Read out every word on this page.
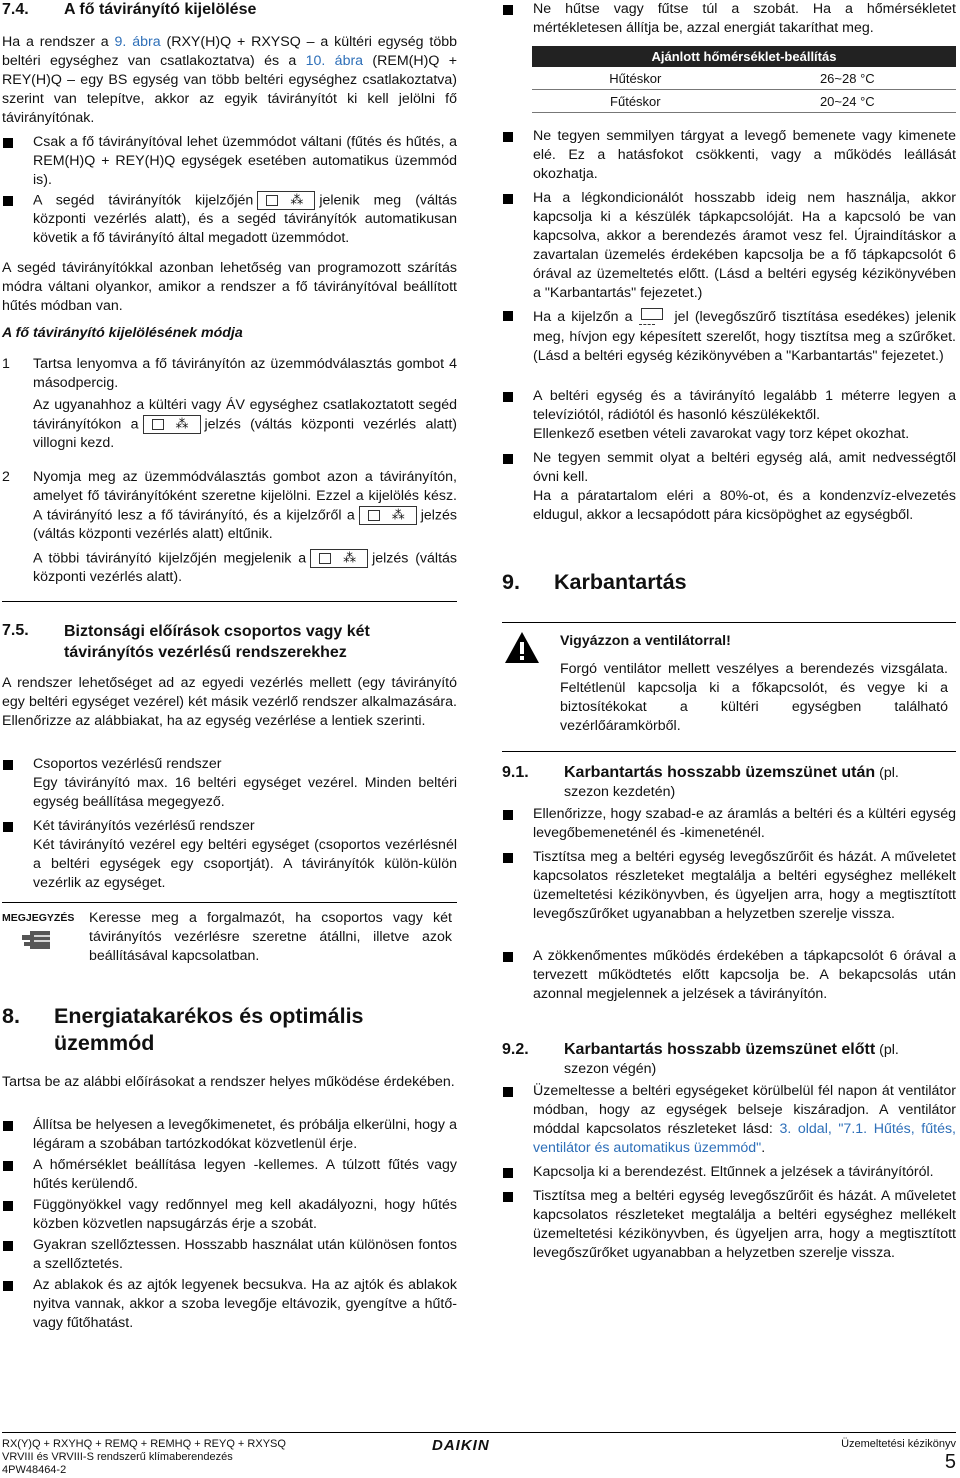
7.4. A fő távirányító kijelölése

Ha a rendszer a 9. ábra (RXY(H)Q + RXYSQ – a kültéri egység több beltéri egységhez van csatlakoztatva) és a 10. ábra (REM(H)Q + REY(H)Q – egy BS egység van több beltéri egységhez csatlakoztatva) szerint van telepítve, akkor az egyik távirányítót ki kell jelölni fő távirányítónak.

Csak a fő távirányítóval lehet üzemmódot váltani (fűtés és hűtés, a REM(H)Q + REY(H)Q egységek esetében automatikus üzemmód is).
A segéd távirányítók kijelzőjén ⁂	jelenik meg (váltás központi vezérlés alatt), és a segéd távirányítók automatikusan követik a fő távirányító által megadott üzemmódot.

A segéd távirányítókkal azonban lehetőség van programozott szárítás módra váltani olyankor, amikor a rendszer a fő távirányítóval beállított hűtés módban van.

A fő távirányító kijelölésének módja
1 Tartsa lenyomva a fő távirányítón az üzemmódválasztás gombot 4 másodpercig.

Az ugyanahhoz a kültéri vagy ÁV egységhez csatlakoztatott segéd távirányítókon a ⁂	jelzés (váltás központi vezérlés alatt) villogni kezd.

2 Nyomja meg az üzemmódválasztás gombot azon a távirányítón, amelyet fő távirányítóként szeretne kijelölni. Ezzel a kijelölés kész. A távirányító lesz a fő távirányító, és a kijelzőről a ⁂	jelzés (váltás központi vezérlés alatt) eltűnik.

A többi távirányító kijelzőjén megjelenik a ⁂	jelzés (váltás központi vezérlés alatt).

7.5. Biztonsági előírások csoportos vagy két távirányítós vezérlésű rendszerekhez

A rendszer lehetőséget ad az egyedi vezérlés mellett (egy távirányító egy beltéri egységet vezérel) két másik vezérlő rendszer alkalmazására. Ellenőrizze az alábbiakat, ha az egység vezérlése a lentiek szerinti.

Csoportos vezérlésű rendszer
Egy távirányító max. 16 beltéri egységet vezérel. Minden beltéri egység beállítása megegyező.
Két távirányítós vezérlésű rendszer
Két távirányító vezérel egy beltéri egységet (csoportos vezérlésnél a beltéri egységek egy csoportját). A távirányítók külön-külön vezérlik az egységet.
MEGJEGYZÉS Keresse meg a forgalmazót, ha csoportos vagy két távirányítós vezérlésre szeretne átállni, illetve azok beállításával kapcsolatban.

8. Energiatakarékos és optimális
üzemmód

Tartsa be az alábbi előírásokat a rendszer helyes működése érdekében.

Állítsa be helyesen a levegőkimenetet, és próbálja elkerülni, hogy a légáram a szobában tartózkodókat közvetlenül érje.
A hőmérséklet beállítása legyen -kellemes. A túlzott fűtés vagy hűtés kerülendő.
Függönyökkel vagy redőnnyel meg kell akadályozni, hogy hűtés közben közvetlen napsugárzás érje a szobát.
Gyakran szellőztessen. Hosszabb használat után különösen fontos a szellőztetés.
Az ablakok és az ajtók legyenek becsukva. Ha az ajtók és ablakok nyitva vannak, akkor a szoba levegője eltávozik, gyengítve a hűtő- vagy fűtőhatást.
Ne hűtse vagy fűtse túl a szobát. Ha a hőmérsékletet mértékletesen állítja be, azzal energiát takaríthat meg.
Ajánlott hőmérséklet-beállítás	
Hűtéskor	26~28 °C
Fűtéskor	20~24 °C
Ne tegyen semmilyen tárgyat a levegő bemenete vagy kimenete elé. Ez a hatásfokot csökkenti, vagy a működés leállását okozhatja.
Ha a légkondicionálót hosszabb ideig nem használja, akkor kapcsolja ki a készülék tápkapcsolóját. Ha a kapcsoló be van kapcsolva, akkor a berendezés áramot vesz fel. Újraindításkor a zavartalan üzemelés érdekében kapcsolja be a fő tápkapcsolót 6 órával az üzemeltetés előtt. (Lásd a beltéri egység kézikönyvében a "Karbantartás" fejezetet.)
Ha a kijelzőn a	jel (levegőszűrő tisztítása esedékes) jelenik meg, hívjon egy képesített szerelőt, hogy tisztítsa meg a szűrőket. (Lásd a beltéri egység kézikönyvében a "Karbantartás" fejezetet.)
A beltéri egység és a távirányító legalább 1 méterre legyen a televíziótól, rádiótól és hasonló készülékektől.
Ellenkező esetben vételi zavarokat vagy torz képet okozhat.
Ne tegyen semmit olyat a beltéri egység alá, amit nedvességtől óvni kell.
Ha a páratartalom eléri a 80%-ot, és a kondenzvíz-elvezetés eldugul, akkor a lecsapódott pára kicsöpöghet az egységből.
9. Karbantartás
Vigyázzon a ventilátorral!

Forgó ventilátor mellett veszélyes a berendezés vizsgálata. Feltétlenül kapcsolja ki a főkapcsolót, és vegye ki a biztosítékokat a kültéri egységben található vezérlőáramkörből.

9.1. Karbantartás hosszabb üzemszünet után (pl. szezon kezdetén)
Ellenőrizze, hogy szabad-e az áramlás a beltéri és a kültéri egység levegőbemeneténél és -kimeneténél.
Tisztítsa meg a beltéri egység levegőszűrőit és házát. A műveletet kapcsolatos részleteket megtalálja a beltéri egységhez mellékelt üzemeltetési kézikönyvben, és ügyeljen arra, hogy a megtisztított levegőszűrőket ugyanabban a helyzetben szerelje vissza.
A zökkenőmentes működés érdekében a tápkapcsolót 6 órával a tervezett működtetés előtt kapcsolja be. A bekapcsolás után azonnal megjelennek a jelzések a távirányítón.
9.2. Karbantartás hosszabb üzemszünet előtt (pl. szezon végén)
Üzemeltesse a beltéri egységeket körülbelül fél napon át ventilátor módban, hogy az egységek belseje kiszáradjon. A ventilátor móddal kapcsolatos részleteket lásd: 3. oldal, "7.1. Hűtés, fűtés, ventilátor és automatikus üzemmód".
Kapcsolja ki a berendezést. Eltűnnek a jelzések a távirányítóról.
Tisztítsa meg a beltéri egység levegőszűrőit és házát. A műveletet kapcsolatos részleteket megtalálja a beltéri egységhez mellékelt üzemeltetési kézikönyvben, és ügyeljen arra, hogy a megtisztított levegőszűrőket ugyanabban a helyzetben szerelje vissza.
RX(Y)Q + RXYHQ + REMQ + REMHQ + REYQ + RXYSQ
VRVIII és VRVIII-S rendszerű klímaberendezés
4PW48464-2
DAIKIN	Üzemeltetési kézikönyv
5
